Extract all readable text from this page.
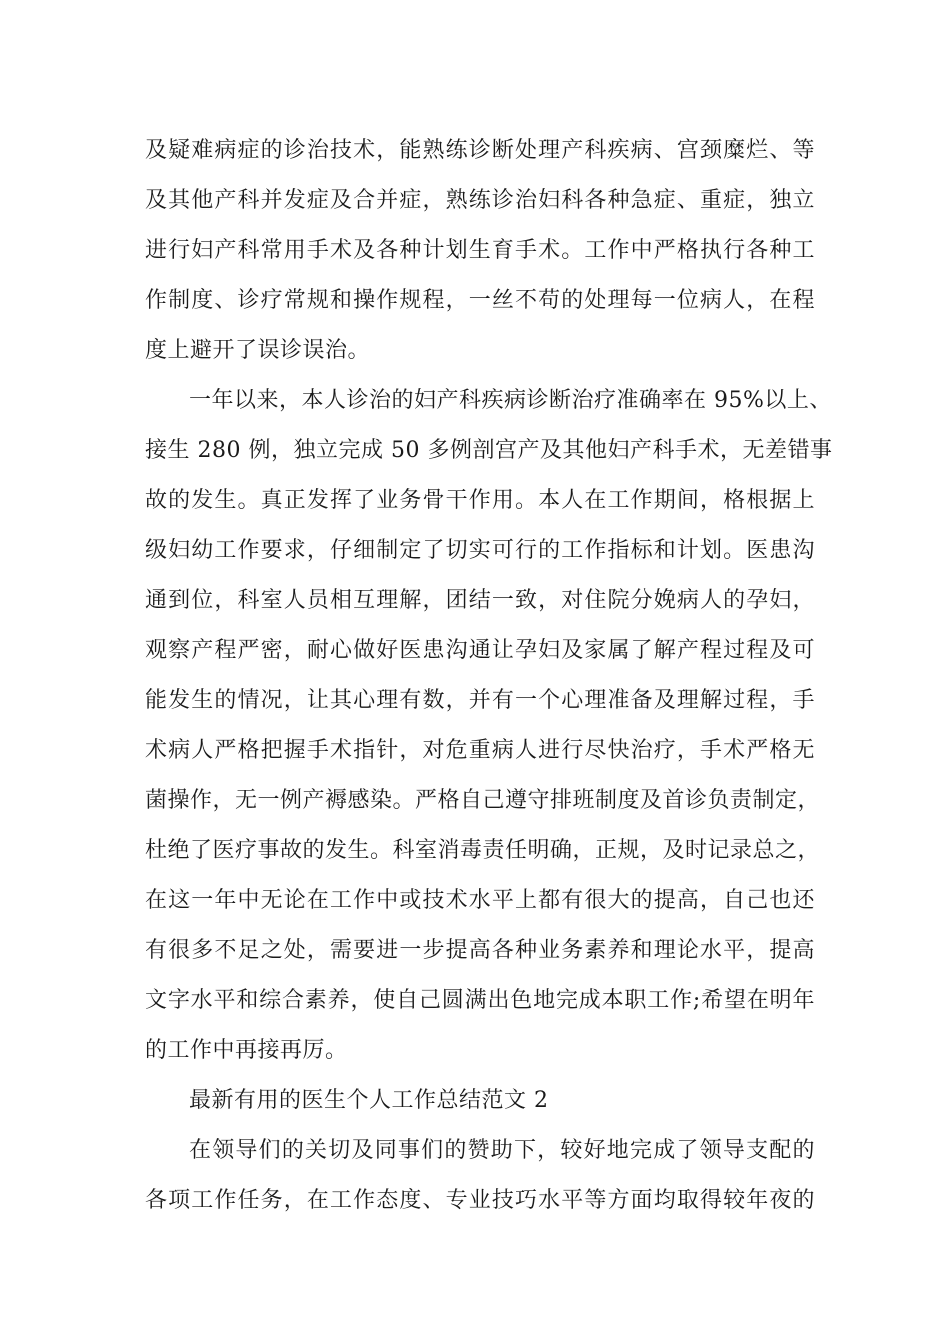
及疑难病症的诊治技术，能熟练诊断处理产科疾病、宫颈糜烂、等
及其他产科并发症及合并症，熟练诊治妇科各种急症、重症，独立
进行妇产科常用手术及各种计划生育手术。工作中严格执行各种工
作制度、诊疗常规和操作规程，一丝不苟的处理每一位病人，在程
度上避开了误诊误治。
一年以来，本人诊治的妇产科疾病诊断治疗准确率在 95%以上、
接生 280 例，独立完成 50 多例剖宫产及其他妇产科手术，无差错事
故的发生。真正发挥了业务骨干作用。本人在工作期间，格根据上
级妇幼工作要求，仔细制定了切实可行的工作指标和计划。医患沟
通到位，科室人员相互理解，团结一致，对住院分娩病人的孕妇，
观察产程严密，耐心做好医患沟通让孕妇及家属了解产程过程及可
能发生的情况，让其心理有数，并有一个心理准备及理解过程，手
术病人严格把握手术指针，对危重病人进行尽快治疗，手术严格无
菌操作，无一例产褥感染。严格自己遵守排班制度及首诊负责制定，
杜绝了医疗事故的发生。科室消毒责任明确，正规，及时记录总之，
在这一年中无论在工作中或技术水平上都有很大的提高，自己也还
有很多不足之处，需要进一步提高各种业务素养和理论水平，提高
文字水平和综合素养，使自己圆满出色地完成本职工作;希望在明年
的工作中再接再厉。
最新有用的医生个人工作总结范文 2
在领导们的关切及同事们的赞助下，较好地完成了领导支配的
各项工作任务，在工作态度、专业技巧水平等方面均取得较年夜的
